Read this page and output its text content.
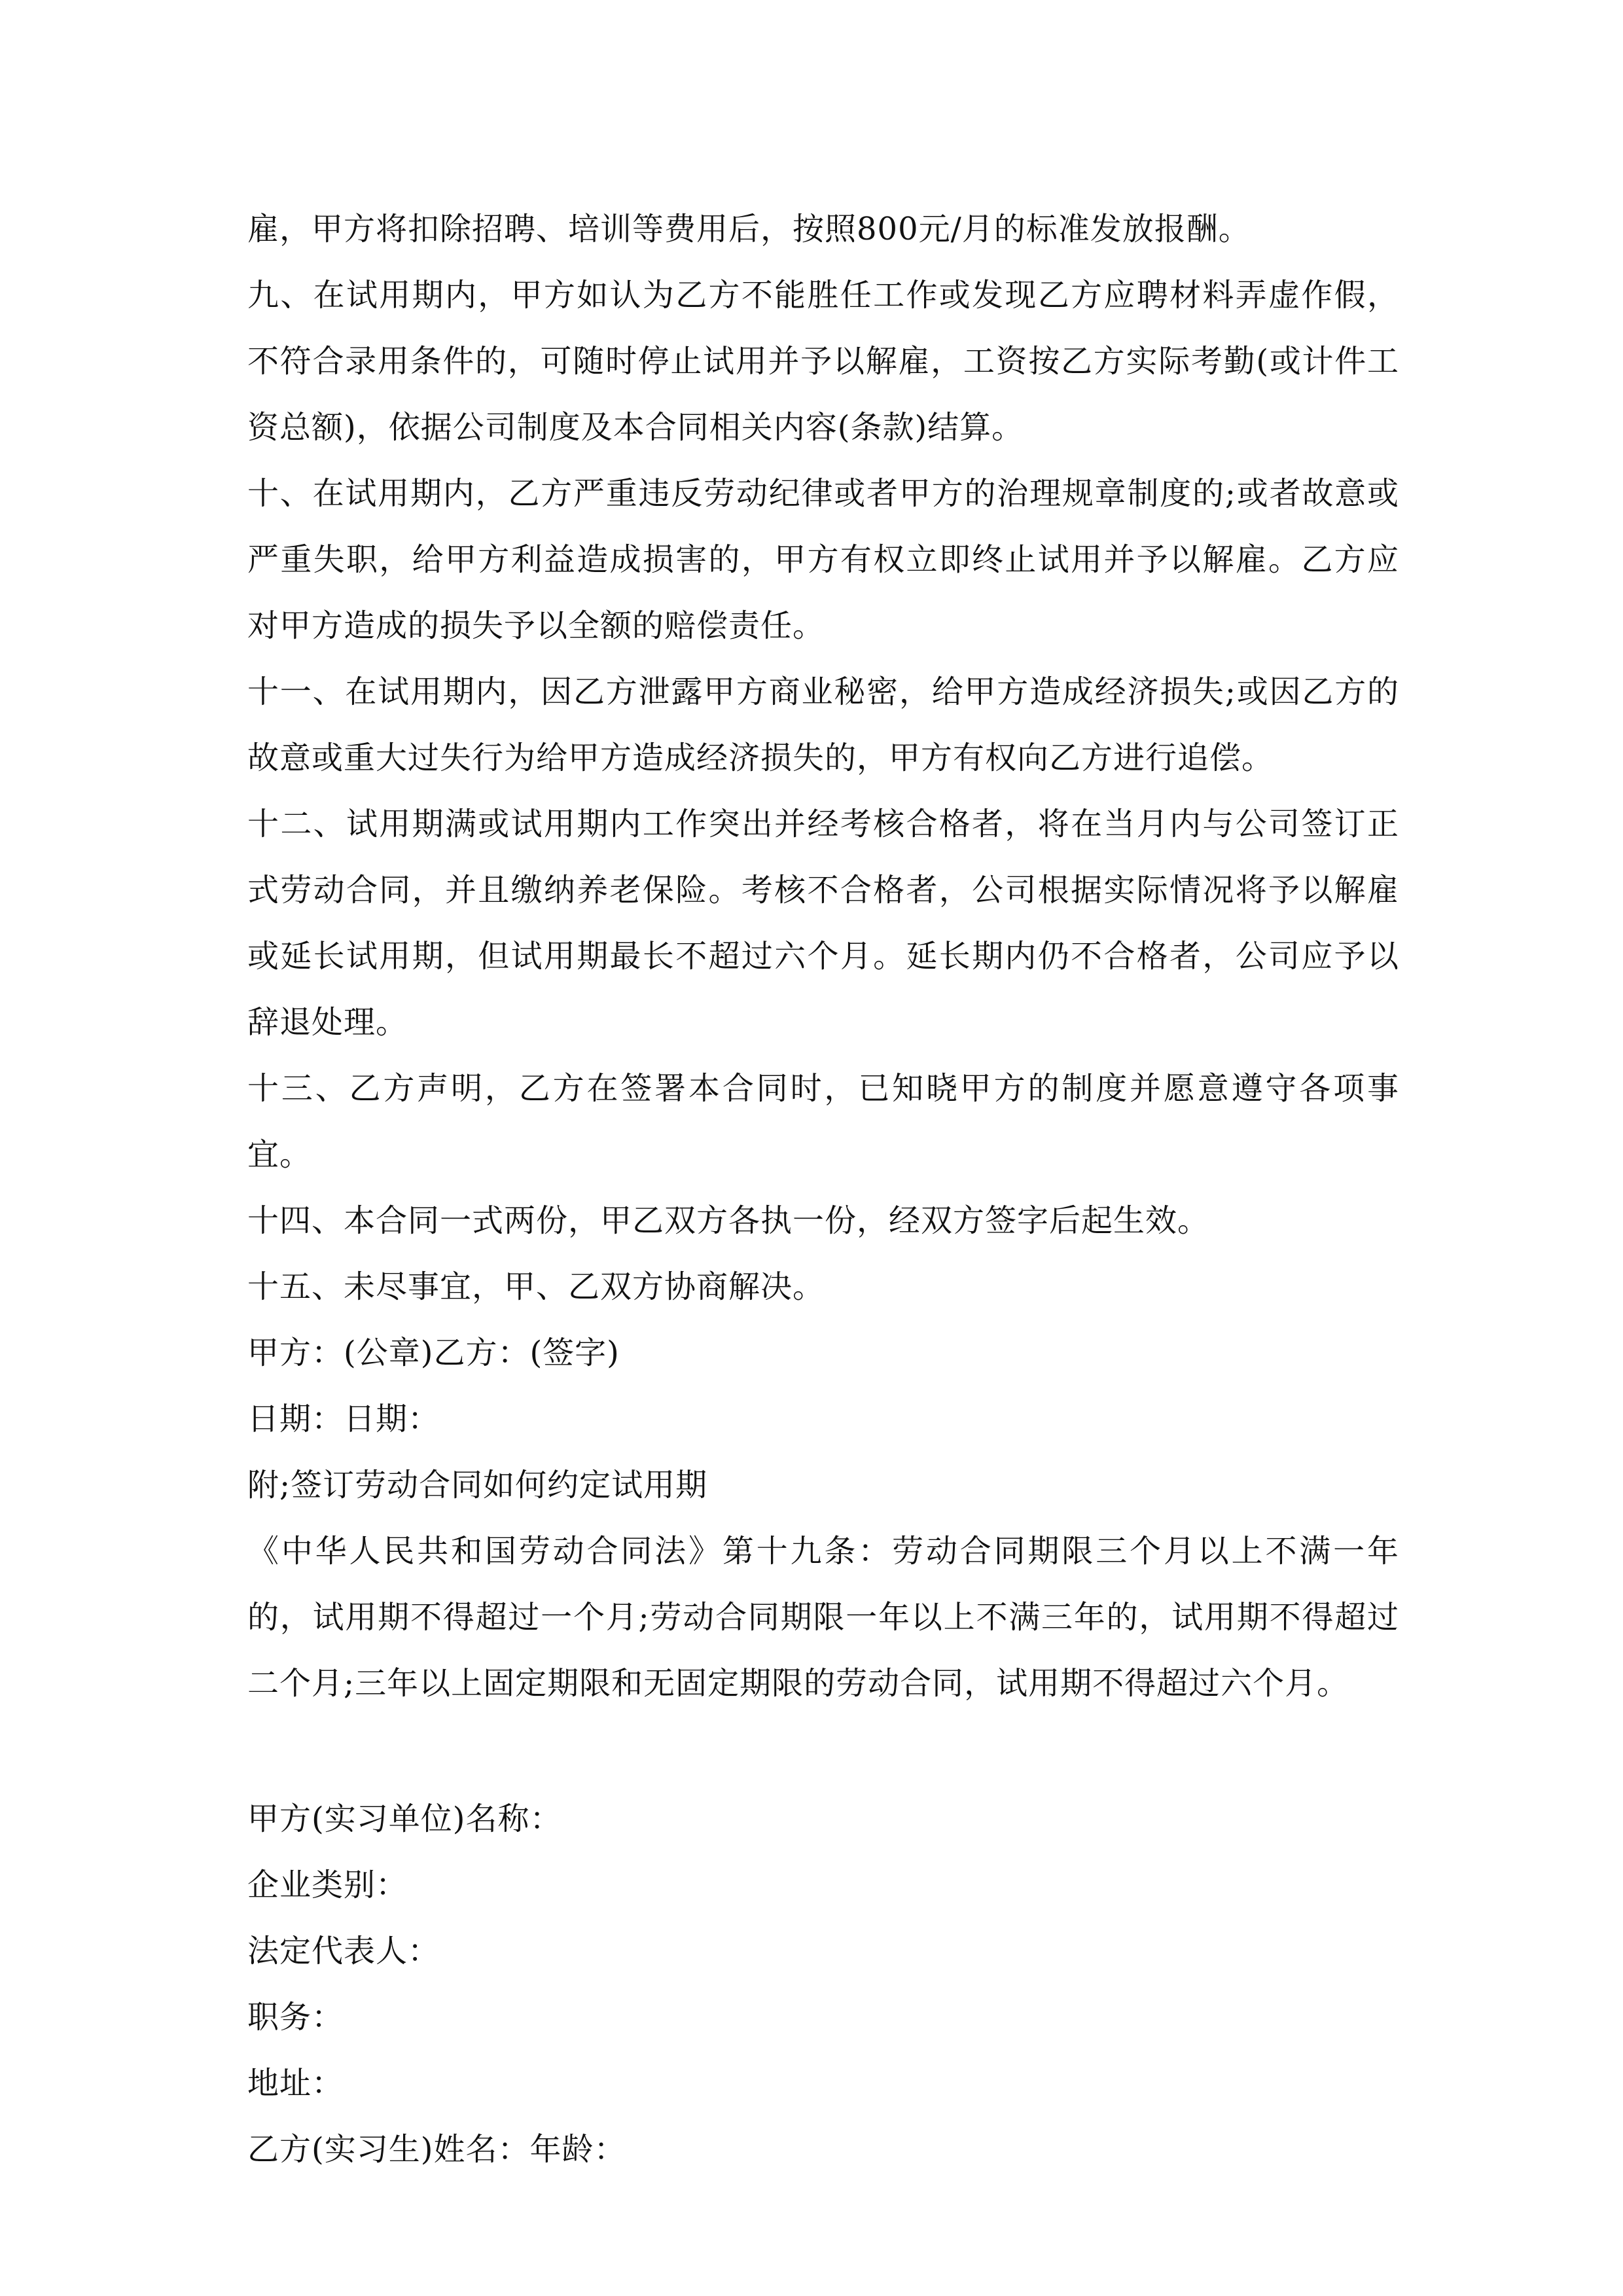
雇，甲方将扣除招聘、培训等费用后，按照800元/月的标准发放报酬。

九、在试用期内，甲方如认为乙方不能胜任工作或发现乙方应聘材料弄虚作假，不符合录用条件的，可随时停止试用并予以解雇，工资按乙方实际考勤(或计件工资总额)，依据公司制度及本合同相关内容(条款)结算。

十、在试用期内，乙方严重违反劳动纪律或者甲方的治理规章制度的;或者故意或严重失职，给甲方利益造成损害的，甲方有权立即终止试用并予以解雇。乙方应对甲方造成的损失予以全额的赔偿责任。

十一、在试用期内，因乙方泄露甲方商业秘密，给甲方造成经济损失;或因乙方的故意或重大过失行为给甲方造成经济损失的，甲方有权向乙方进行追偿。

十二、试用期满或试用期内工作突出并经考核合格者，将在当月内与公司签订正式劳动合同，并且缴纳养老保险。考核不合格者，公司根据实际情况将予以解雇或延长试用期，但试用期最长不超过六个月。延长期内仍不合格者，公司应予以辞退处理。

十三、乙方声明，乙方在签署本合同时，已知晓甲方的制度并愿意遵守各项事宜。

十四、本合同一式两份，甲乙双方各执一份，经双方签字后起生效。

十五、未尽事宜，甲、乙双方协商解决。

甲方：(公章)乙方：(签字)

日期：日期：

附;签订劳动合同如何约定试用期

《中华人民共和国劳动合同法》第十九条：劳动合同期限三个月以上不满一年的，试用期不得超过一个月;劳动合同期限一年以上不满三年的，试用期不得超过二个月;三年以上固定期限和无固定期限的劳动合同，试用期不得超过六个月。

甲方(实习单位)名称：

企业类别：

法定代表人：

职务：

地址：

乙方(实习生)姓名：年龄：
